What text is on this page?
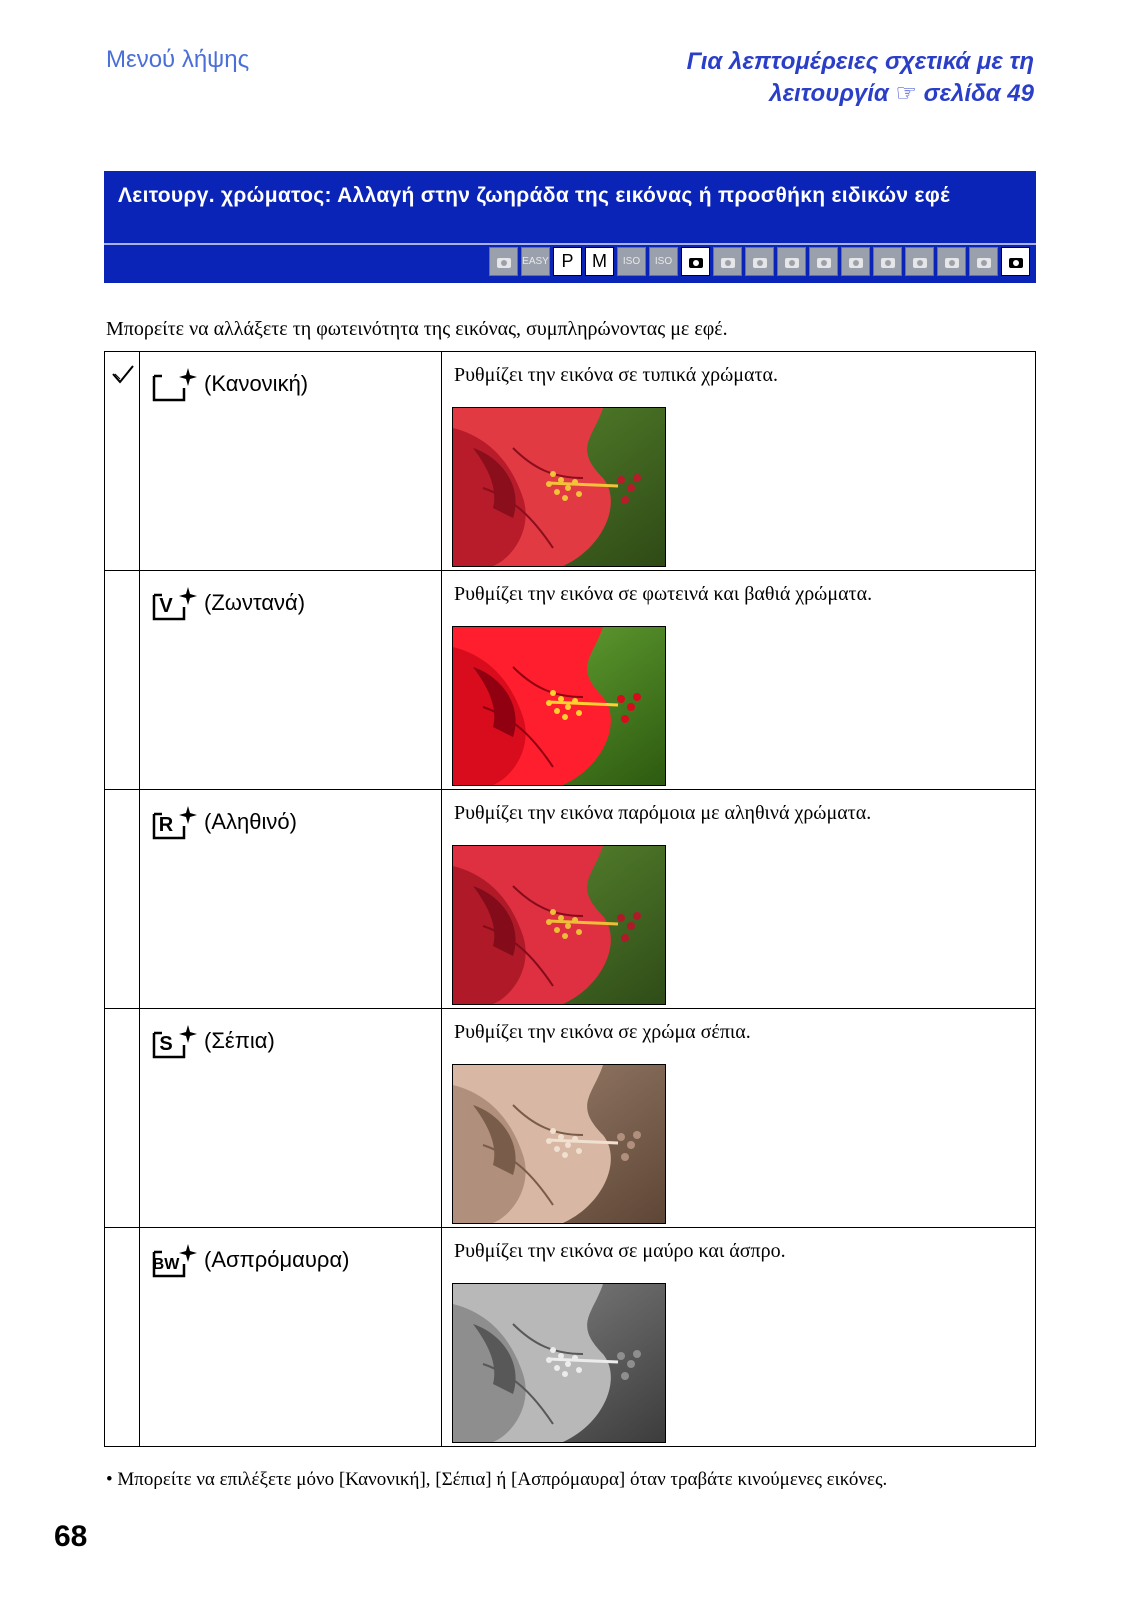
Μενού λήψης	Για λεπτομέρειες σχετικά με τη
λειτουργία ☞ σελίδα 49
Λειτουργ. χρώματος: Αλλαγή στην ζωηράδα της εικόνας ή προσθήκη ειδικών εφέ
EASY P M ISO ISO
Μπορείτε να αλλάξετε τη φωτεινότητα της εικόνας, συμπληρώνοντας με εφέ.

(Κανονική)	Ρυθμίζει την εικόνα σε τυπικά χρώματα.

V (Ζωντανά)	Ρυθμίζει την εικόνα σε φωτεινά και βαθιά χρώματα.

R (Αληθινό)	Ρυθμίζει την εικόνα παρόμοια με αληθινά χρώματα.

S (Σέπια)	Ρυθμίζει την εικόνα σε χρώμα σέπια.

BW (Ασπρόμαυρα)	Ρυθμίζει την εικόνα σε μαύρο και άσπρο.
• Μπορείτε να επιλέξετε μόνο [Κανονική], [Σέπια] ή [Ασπρόμαυρα] όταν τραβάτε κινούμενες εικόνες.
68
